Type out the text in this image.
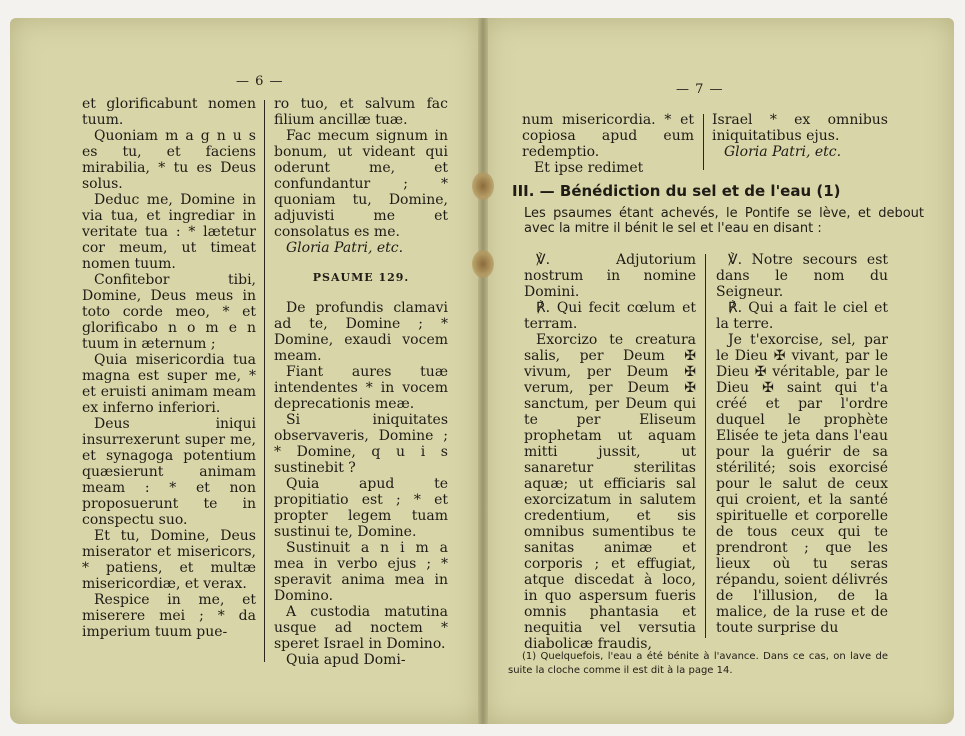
— 6 —

et glorificabunt nomen tuum.

Quoniam m a g n u s es tu, et faciens mirabilia, * tu es Deus solus.

Deduc me, Domine in via tua, et ingrediar in veritate tua : * lætetur cor meum, ut timeat nomen tuum.

Confitebor tibi, Domine, Deus meus in toto corde meo, * et glorificabo n o m e n tuum in æternum ;

Quia misericordia tua magna est super me, * et eruisti animam meam ex inferno inferiori.

Deus iniqui insurrexerunt super me, et synagoga potentium quæsierunt animam meam : * et non proposuerunt te in conspectu suo.

Et tu, Domine, Deus miserator et misericors, * patiens, et multæ misericordiæ, et verax.

Respice in me, et miserere mei ; * da imperium tuum pue-

ro tuo, et salvum fac filium ancillæ tuæ.

Fac mecum signum in bonum, ut videant qui oderunt me, et confundantur ; * quoniam tu, Domine, adjuvisti me et consolatus es me.

Gloria Patri, etc.

PSAUME 129.

De profundis clamavi ad te, Domine ; * Domine, exaudi vocem meam.

Fiant aures tuæ intendentes * in vocem deprecationis meæ.

Si iniquitates observaveris, Domine ; * Domine, q u i s sustinebit ?

Quia apud te propitiatio est ; * et propter legem tuam sustinui te, Domine.

Sustinuit a n i m a mea in verbo ejus ; * speravit anima mea in Domino.

A custodia matutina usque ad noctem * speret Israel in Domino.

Quia apud Domi-

— 7 —

num misericordia. * et copiosa apud eum redemptio.

Et ipse redimet

Israel * ex omnibus iniquitatibus ejus.

Gloria Patri, etc.

III. — Bénédiction du sel et de l'eau (1)
Les psaumes étant achevés, le Pontife se lève, et debout avec la mitre il bénit le sel et l'eau en disant :

℣. Adjutorium nostrum in nomine Domini.

℟. Qui fecit cœlum et terram.

Exorcizo te creatura salis, per Deum ✠ vivum, per Deum ✠ verum, per Deum ✠ sanctum, per Deum qui te per Eliseum prophetam ut aquam mitti jussit, ut sanaretur sterilitas aquæ; ut efficiaris sal exorcizatum in salutem credentium, et sis omnibus sumentibus te sanitas animæ et corporis ; et effugiat, atque discedat à loco, in quo aspersum fueris omnis phantasia et nequitia vel versutia diabolicæ fraudis,

℣. Notre secours est dans le nom du Seigneur.

℟. Qui a fait le ciel et la terre.

Je t'exorcise, sel, par le Dieu ✠ vivant, par le Dieu ✠ véritable, par le Dieu ✠ saint qui t'a créé et par l'ordre duquel le prophète Elisée te jeta dans l'eau pour la guérir de sa stérilité; sois exorcisé pour le salut de ceux qui croient, et la santé spirituelle et corporelle de tous ceux qui te prendront ; que les lieux où tu seras répandu, soient délivrés de l'illusion, de la malice, de la ruse et de toute surprise du

(1) Quelquefois, l'eau a été bénite à l'avance. Dans ce cas, on lave de suite la cloche comme il est dit à la page 14.
